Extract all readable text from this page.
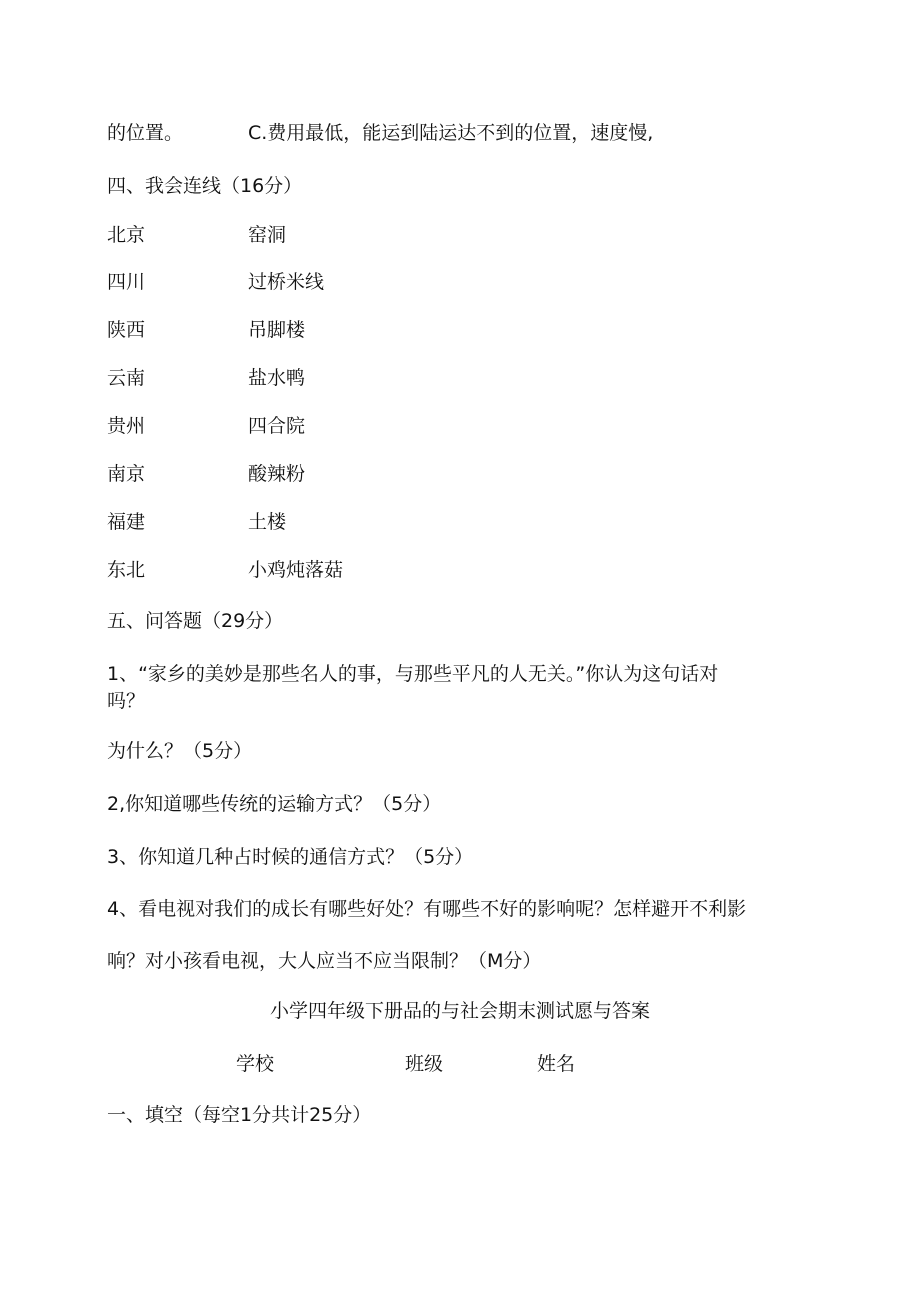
的位置。	C.费用最低，能运到陆运达不到的位置，速度慢,
四、我会连线（16分）
北京	窑洞
四川	过桥米线
陕西	吊脚楼
云南	盐水鸭
贵州	四合院
南京	酸辣粉
福建	土楼
东北	小鸡炖落菇
五、问答题（29分）
1、“家乡的美妙是那些名人的事，与那些平凡的人无关。”你认为这句话对
吗？
为什么？（5分）
2,你知道哪些传统的运输方式？（5分）
3、你知道几种占时候的通信方式？（5分）
4、看电视对我们的成长有哪些好处？有哪些不好的影响呢？怎样避开不利影
响？对小孩看电视，大人应当不应当限制？（M分）
小学四年级下册品的与社会期末测试愿与答案
学校	班级	姓名
一、填空（每空1分共计25分）
